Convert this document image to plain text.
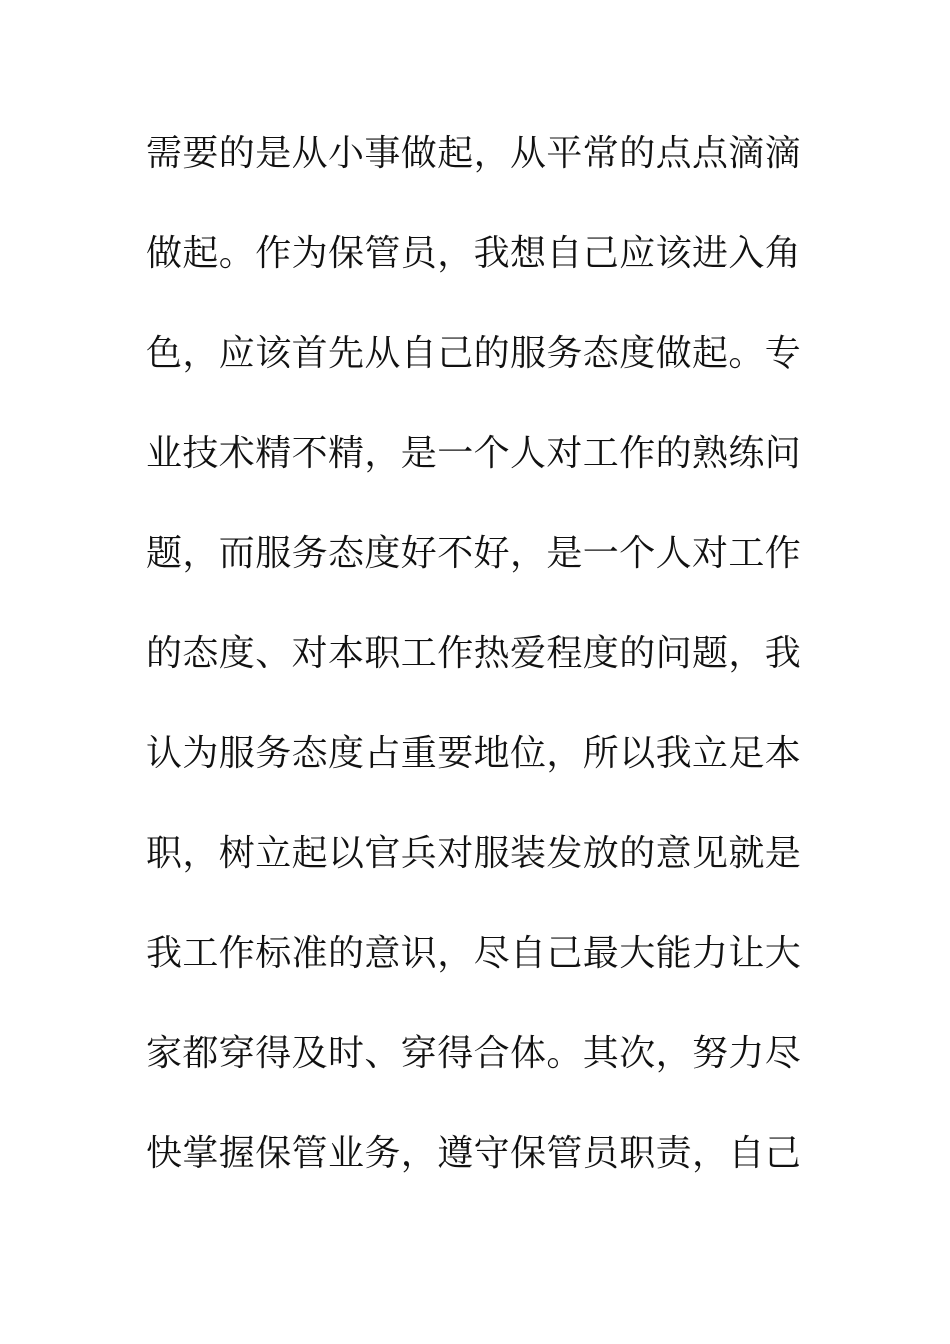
需要的是从小事做起，从平常的点点滴滴
做起。作为保管员，我想自己应该进入角
色，应该首先从自己的服务态度做起。专
业技术精不精，是一个人对工作的熟练问
题，而服务态度好不好，是一个人对工作
的态度、对本职工作热爱程度的问题，我
认为服务态度占重要地位，所以我立足本
职，树立起以官兵对服装发放的意见就是
我工作标准的意识，尽自己最大能力让大
家都穿得及时、穿得合体。其次，努力尽
快掌握保管业务，遵守保管员职责，自己
